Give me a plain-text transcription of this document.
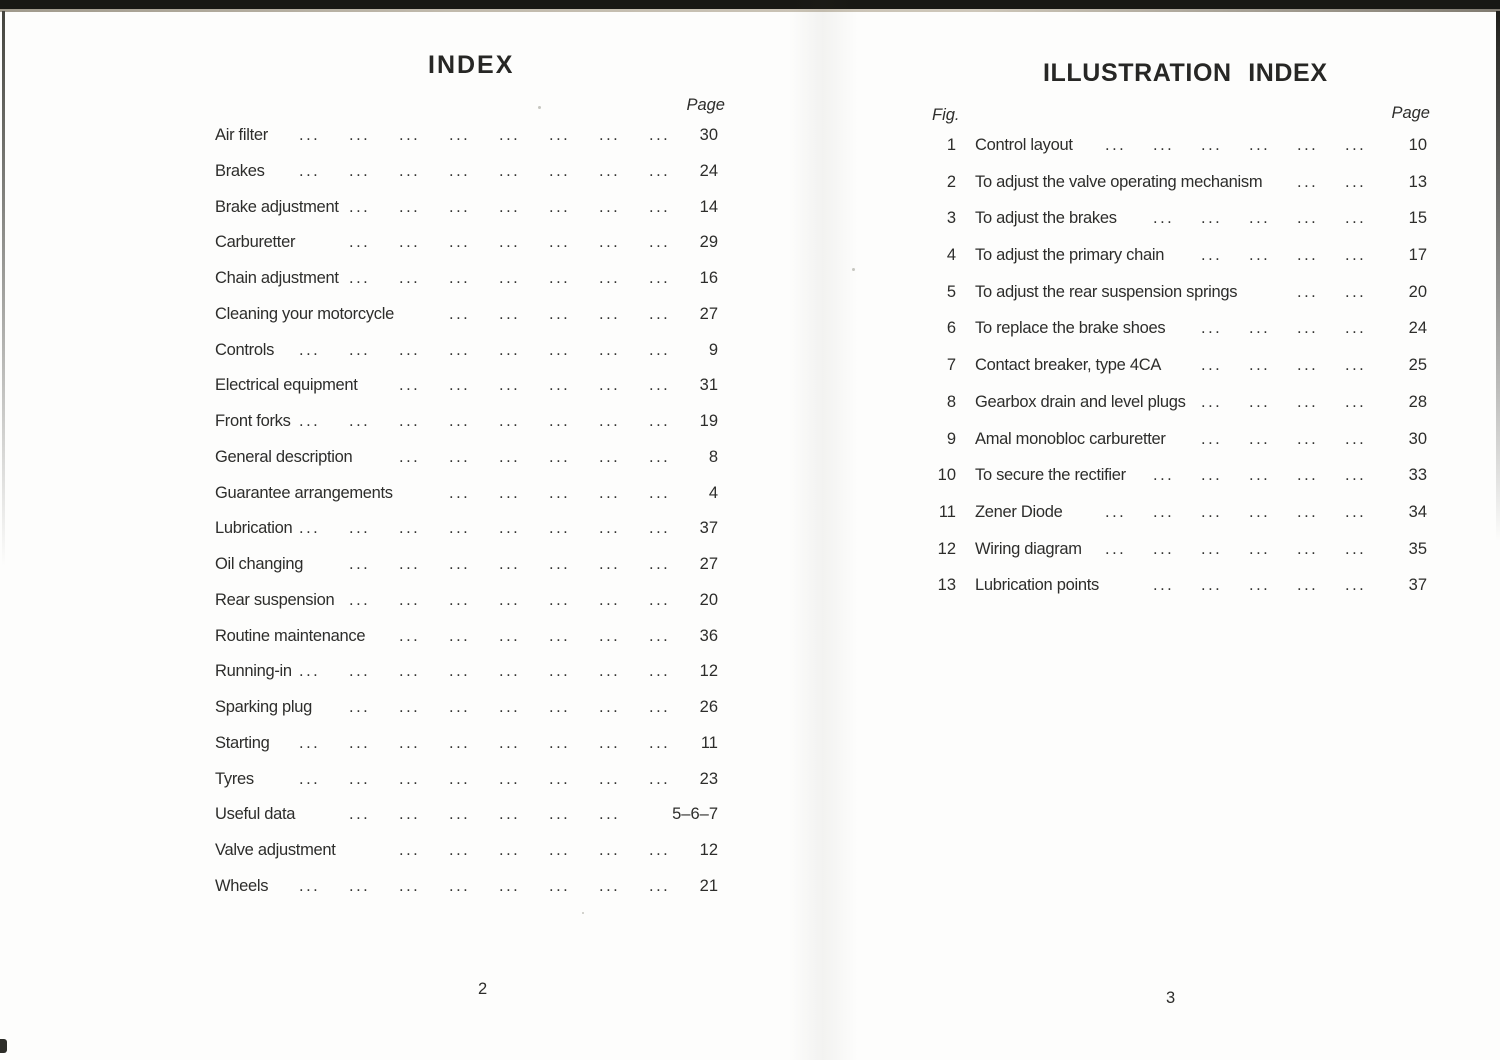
INDEX
Page
Air filter	30
... ... ... ... ... ... ... ...
Brakes	24
... ... ... ... ... ... ... ...
Brake adjustment	14
... ... ... ... ... ... ...
Carburetter	29
... ... ... ... ... ... ...
Chain adjustment	16
... ... ... ... ... ... ...
Cleaning your motorcycle	27
... ... ... ... ...
Controls	9
... ... ... ... ... ... ... ...
Electrical equipment	31
... ... ... ... ... ...
Front forks	19
... ... ... ... ... ... ... ...
General description	8
... ... ... ... ... ...
Guarantee arrangements	4
... ... ... ... ...
Lubrication	37
... ... ... ... ... ... ... ...
Oil changing	27
... ... ... ... ... ... ...
Rear suspension	20
... ... ... ... ... ... ...
Routine maintenance	36
... ... ... ... ... ...
Running-in	12
... ... ... ... ... ... ... ...
Sparking plug	26
... ... ... ... ... ... ...
Starting	11
... ... ... ... ... ... ... ...
Tyres	23
... ... ... ... ... ... ... ...
Useful data	5–6–7
... ... ... ... ... ...
Valve adjustment	12
... ... ... ... ... ...
Wheels	21
... ... ... ... ... ... ... ...
2
ILLUSTRATION INDEX
Fig.	Page
1 Control layout	10
... ... ... ... ... ...
2 To adjust the valve operating mechanism	13
... ...
3 To adjust the brakes	15
... ... ... ... ...
4 To adjust the primary chain	17
... ... ... ...
5 To adjust the rear suspension springs	20
... ...
6 To replace the brake shoes	24
... ... ... ...
7 Contact breaker, type 4CA	25
... ... ... ...
8 Gearbox drain and level plugs	28
... ... ... ...
9 Amal monobloc carburetter	30
... ... ... ...
10 To secure the rectifier	33
... ... ... ... ...
11 Zener Diode	34
... ... ... ... ... ...
12 Wiring diagram	35
... ... ... ... ... ...
13 Lubrication points	37
... ... ... ... ...
3
